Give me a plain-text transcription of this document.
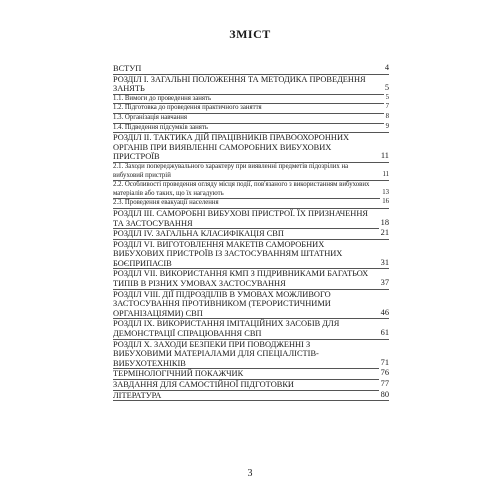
ЗМІСТ
ВСТУП	4
РОЗДІЛ I. ЗАГАЛЬНІ ПОЛОЖЕННЯ ТА МЕТОДИКА ПРОВЕДЕННЯ ЗАНЯТЬ	5
1.1. Вимоги до проведення занять	5
1.2. Підготовка до проведення практичного заняття	7
1.3. Організація навчання	8
1.4. Підведення підсумків занять	9
РОЗДІЛ II. ТАКТИКА ДІЙ ПРАЦІВНИКІВ ПРАВООХОРОННИХ ОРГАНІВ ПРИ ВИЯВЛЕННІ САМОРОБНИХ ВИБУХОВИХ ПРИСТРОЇВ	11
2.1. Заходи попереджувального характеру при виявленні предметів підозрілих на вибуховий пристрій	11
2.2. Особливості проведення огляду місця події, пов'язаного з використанням вибухових матеріалів або таких, що їх нагадують	13
2.3. Проведення евакуації населення	16
РОЗДІЛ III. САМОРОБНІ ВИБУХОВІ ПРИСТРОЇ. ЇХ ПРИЗНАЧЕННЯ ТА ЗАСТОСУВАННЯ	18
РОЗДІЛ IV. ЗАГАЛЬНА КЛАСИФІКАЦІЯ СВП	21
РОЗДІЛ VI. ВИГОТОВЛЕННЯ МАКЕТІВ САМОРОБНИХ ВИБУХОВИХ ПРИСТРОЇВ ІЗ ЗАСТОСУВАННЯМ ШТАТНИХ БОЄПРИПАСІВ	31
РОЗДІЛ VII. ВИКОРИСТАННЯ КМП З ПІДРИВНИКАМИ БАГАТЬОХ ТИПІВ В РІЗНИХ УМОВАХ ЗАСТОСУВАННЯ	37
РОЗДІЛ VIII. ДІЇ ПІДРОЗДІЛІВ В УМОВАХ МОЖЛИВОГО ЗАСТОСУВАННЯ ПРОТИВНИКОМ (ТЕРОРИСТИЧНИМИ ОРГАНІЗАЦІЯМИ) СВП	46
РОЗДІЛ IX. ВИКОРИСТАННЯ ІМІТАЦІЙНИХ ЗАСОБІВ ДЛЯ ДЕМОНСТРАЦІЇ СПРАЦЮВАННЯ СВП	61
РОЗДІЛ X. ЗАХОДИ БЕЗПЕКИ ПРИ ПОВОДЖЕННІ З ВИБУХОВИМИ МАТЕРІАЛАМИ ДЛЯ СПЕЦІАЛІСТІВ-ВИБУХОТЕХНІКІВ	71
ТЕРМІНОЛОГІЧНИЙ ПОКАЖЧИК	76
ЗАВДАННЯ ДЛЯ САМОСТІЙНОЇ ПІДГОТОВКИ	77
ЛІТЕРАТУРА	80
3
